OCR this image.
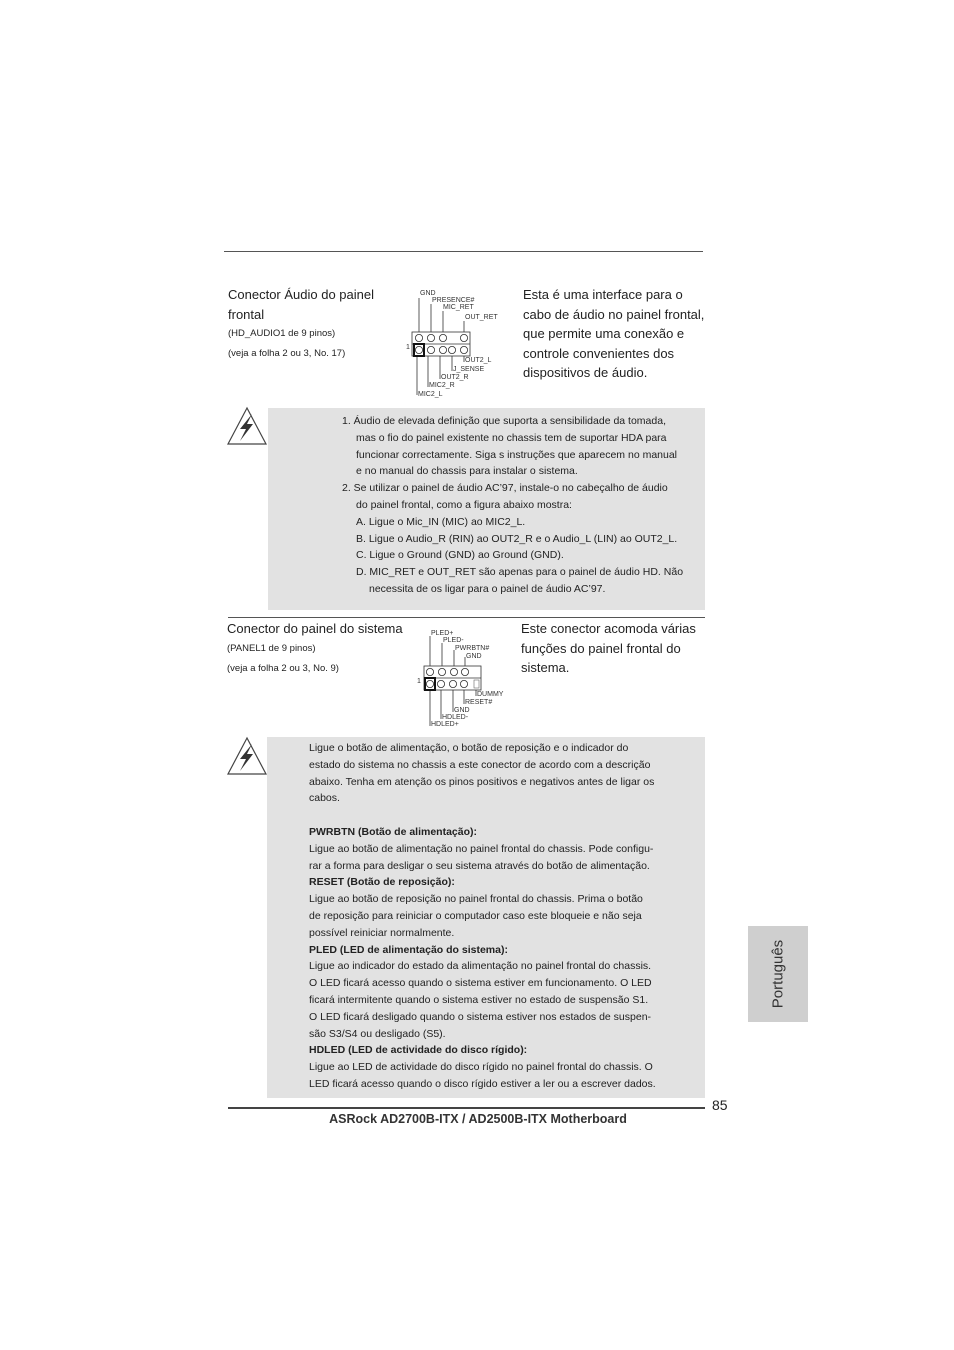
Conector Áudio do painel
frontal
(HD_AUDIO1 de 9 pinos)
(veja a folha 2 ou 3, No. 17)
GND
PRESENCE#
MIC_RET
OUT_RET
1
OUT2_L
J_SENSE
OUT2_R
MIC2_R
MIC2_L
Esta é uma interface para o
cabo de áudio no painel frontal,
que permite uma conexão e
controle convenientes dos
dispositivos de áudio.
1. Áudio de elevada definição que suporta a sensibilidade da tomada,
mas o fio do painel existente no chassis tem de suportar HDA para
funcionar correctamente. Siga s instruções que aparecem no manual
e no manual do chassis para instalar o sistema.
2. Se utilizar o painel de áudio AC’97, instale-o no cabeçalho de áudio
do painel frontal, como a figura abaixo mostra:
A. Ligue o Mic_IN (MIC) ao MIC2_L.
B. Ligue o Audio_R (RIN) ao OUT2_R e o Audio_L (LIN) ao OUT2_L.
C. Ligue o Ground (GND) ao Ground (GND).
D. MIC_RET e OUT_RET são apenas para o painel de áudio HD. Não
necessita de os ligar para o painel de áudio AC’97.
Conector do painel do sistema
(PANEL1 de 9 pinos)
(veja a folha 2 ou 3, No. 9)
PLED+
PLED-
PWRBTN#
GND
1
DUMMY
RESET#
GND
HDLED-
HDLED+
Este conector acomoda várias
funções do painel frontal do
sistema.
Ligue o botão de alimentação, o botão de reposição e o indicador do
estado do sistema no chassis a este conector de acordo com a descrição
abaixo. Tenha em atenção os pinos positivos e negativos antes de ligar os
cabos.
PWRBTN (Botão de alimentação):
Ligue ao botão de alimentação no painel frontal do chassis. Pode configu-
rar a forma para desligar o seu sistema através do botão de alimentação.
RESET (Botão de reposição):
Ligue ao botão de reposição no painel frontal do chassis. Prima o botão
de reposição para reiniciar o computador caso este bloqueie e não seja
possível reiniciar normalmente.
PLED (LED de alimentação do sistema):
Ligue ao indicador do estado da alimentação no painel frontal do chassis.
O LED ficará acesso quando o sistema estiver em funcionamento. O LED
ficará intermitente quando o sistema estiver no estado de suspensão S1.
O LED ficará desligado quando o sistema estiver nos estados de suspen-
são S3/S4 ou desligado (S5).
HDLED (LED de actividade do disco rígido):
Ligue ao LED de actividade do disco rígido no painel frontal do chassis. O
LED ficará acesso quando o disco rígido estiver a ler ou a escrever dados.
Português
85
ASRock AD2700B-ITX / AD2500B-ITX Motherboard
